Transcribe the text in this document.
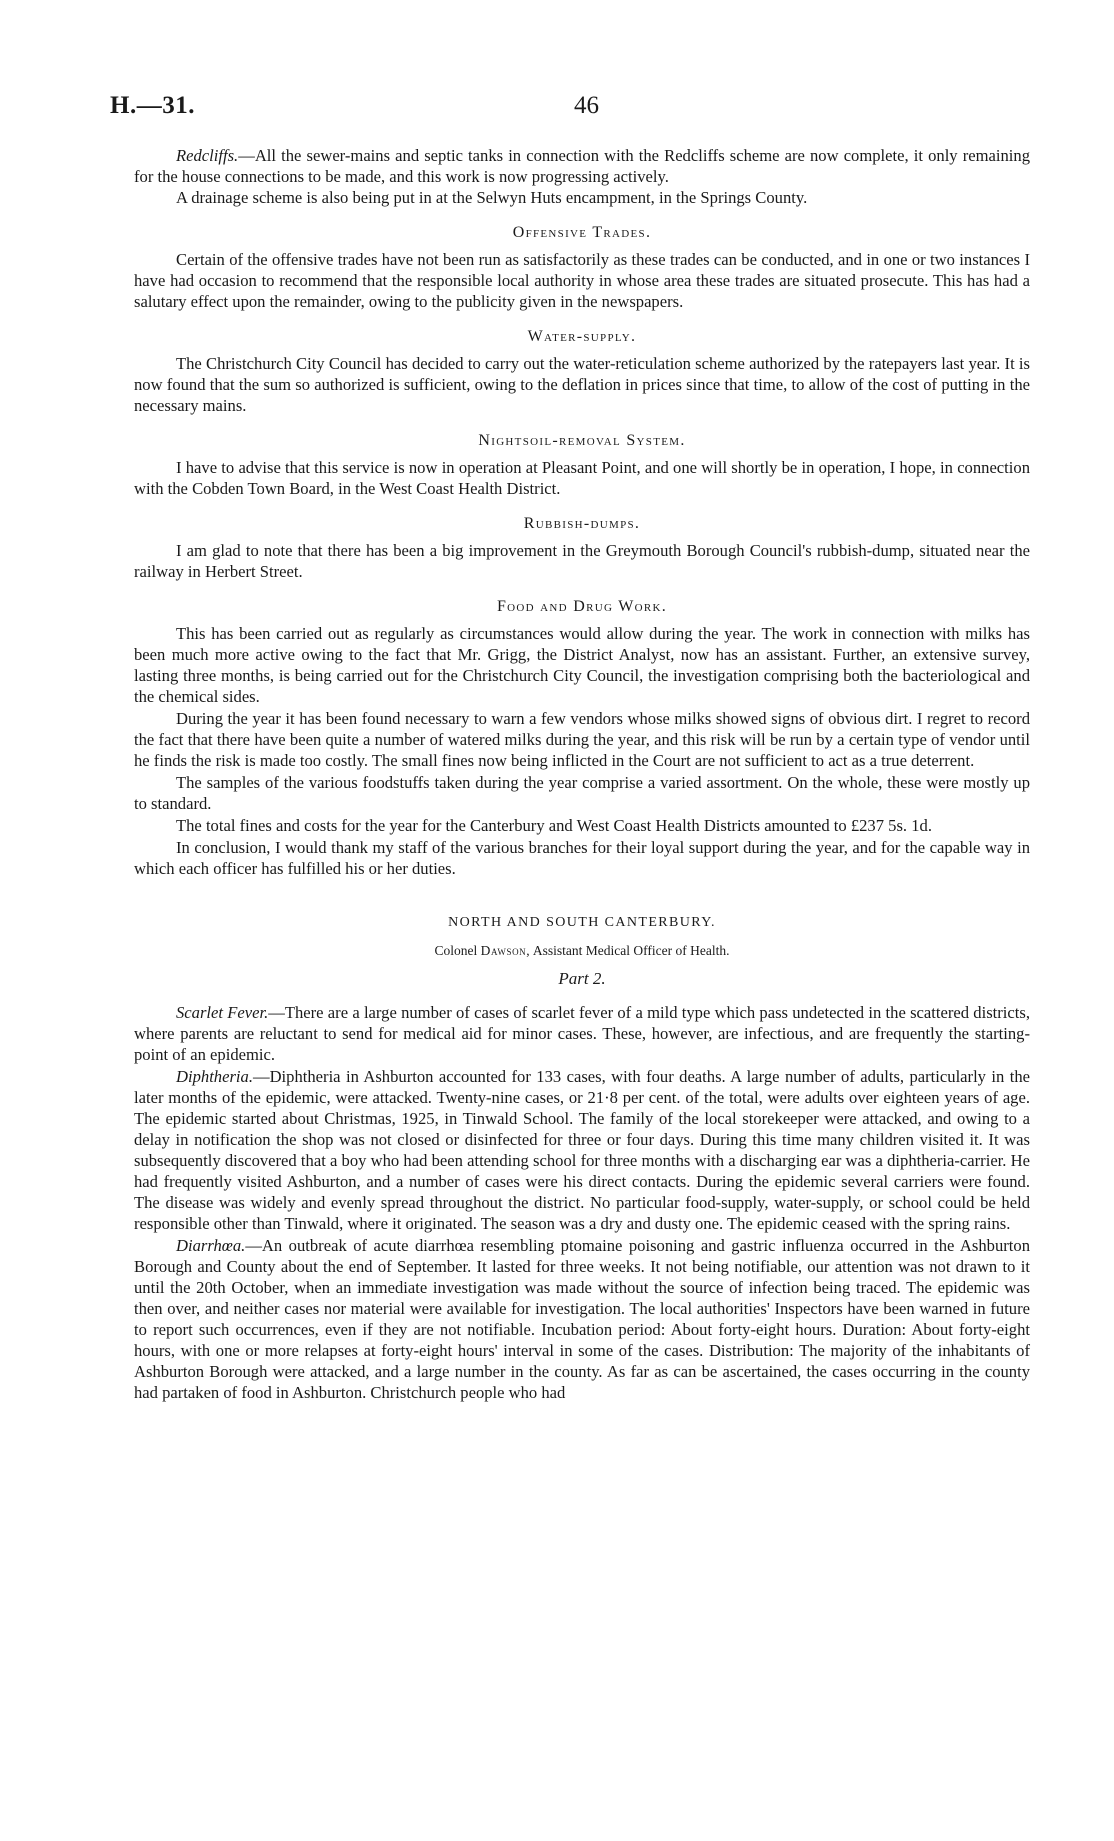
H.—31.	46

Redcliffs.—All the sewer-mains and septic tanks in connection with the Redcliffs scheme are now complete, it only remaining for the house connections to be made, and this work is now progressing actively.

A drainage scheme is also being put in at the Selwyn Huts encampment, in the Springs County.

Offensive Trades.

Certain of the offensive trades have not been run as satisfactorily as these trades can be conducted, and in one or two instances I have had occasion to recommend that the responsible local authority in whose area these trades are situated prosecute. This has had a salutary effect upon the remainder, owing to the publicity given in the newspapers.

Water-supply.

The Christchurch City Council has decided to carry out the water-reticulation scheme authorized by the ratepayers last year. It is now found that the sum so authorized is sufficient, owing to the deflation in prices since that time, to allow of the cost of putting in the necessary mains.

Nightsoil-removal System.

I have to advise that this service is now in operation at Pleasant Point, and one will shortly be in operation, I hope, in connection with the Cobden Town Board, in the West Coast Health District.

Rubbish-dumps.

I am glad to note that there has been a big improvement in the Greymouth Borough Council's rubbish-dump, situated near the railway in Herbert Street.

Food and Drug Work.

This has been carried out as regularly as circumstances would allow during the year. The work in connection with milks has been much more active owing to the fact that Mr. Grigg, the District Analyst, now has an assistant. Further, an extensive survey, lasting three months, is being carried out for the Christchurch City Council, the investigation comprising both the bacteriological and the chemical sides.

During the year it has been found necessary to warn a few vendors whose milks showed signs of obvious dirt. I regret to record the fact that there have been quite a number of watered milks during the year, and this risk will be run by a certain type of vendor until he finds the risk is made too costly. The small fines now being inflicted in the Court are not sufficient to act as a true deterrent.

The samples of the various foodstuffs taken during the year comprise a varied assortment. On the whole, these were mostly up to standard.

The total fines and costs for the year for the Canterbury and West Coast Health Districts amounted to £237 5s. 1d.

In conclusion, I would thank my staff of the various branches for their loyal support during the year, and for the capable way in which each officer has fulfilled his or her duties.

NORTH AND SOUTH CANTERBURY.
Colonel Dawson, Assistant Medical Officer of Health.
Part 2.

Scarlet Fever.—There are a large number of cases of scarlet fever of a mild type which pass undetected in the scattered districts, where parents are reluctant to send for medical aid for minor cases. These, however, are infectious, and are frequently the starting-point of an epidemic.

Diphtheria.—Diphtheria in Ashburton accounted for 133 cases, with four deaths. A large number of adults, particularly in the later months of the epidemic, were attacked. Twenty-nine cases, or 21·8 per cent. of the total, were adults over eighteen years of age. The epidemic started about Christmas, 1925, in Tinwald School. The family of the local storekeeper were attacked, and owing to a delay in notification the shop was not closed or disinfected for three or four days. During this time many children visited it. It was subsequently discovered that a boy who had been attending school for three months with a discharging ear was a diphtheria-carrier. He had frequently visited Ashburton, and a number of cases were his direct contacts. During the epidemic several carriers were found. The disease was widely and evenly spread throughout the district. No particular food-supply, water-supply, or school could be held responsible other than Tinwald, where it originated. The season was a dry and dusty one. The epidemic ceased with the spring rains.

Diarrhœa.—An outbreak of acute diarrhœa resembling ptomaine poisoning and gastric influenza occurred in the Ashburton Borough and County about the end of September. It lasted for three weeks. It not being notifiable, our attention was not drawn to it until the 20th October, when an immediate investigation was made without the source of infection being traced. The epidemic was then over, and neither cases nor material were available for investigation. The local authorities' Inspectors have been warned in future to report such occurrences, even if they are not notifiable. Incubation period: About forty-eight hours. Duration: About forty-eight hours, with one or more relapses at forty-eight hours' interval in some of the cases. Distribution: The majority of the inhabitants of Ashburton Borough were attacked, and a large number in the county. As far as can be ascertained, the cases occurring in the county had partaken of food in Ashburton. Christchurch people who had
